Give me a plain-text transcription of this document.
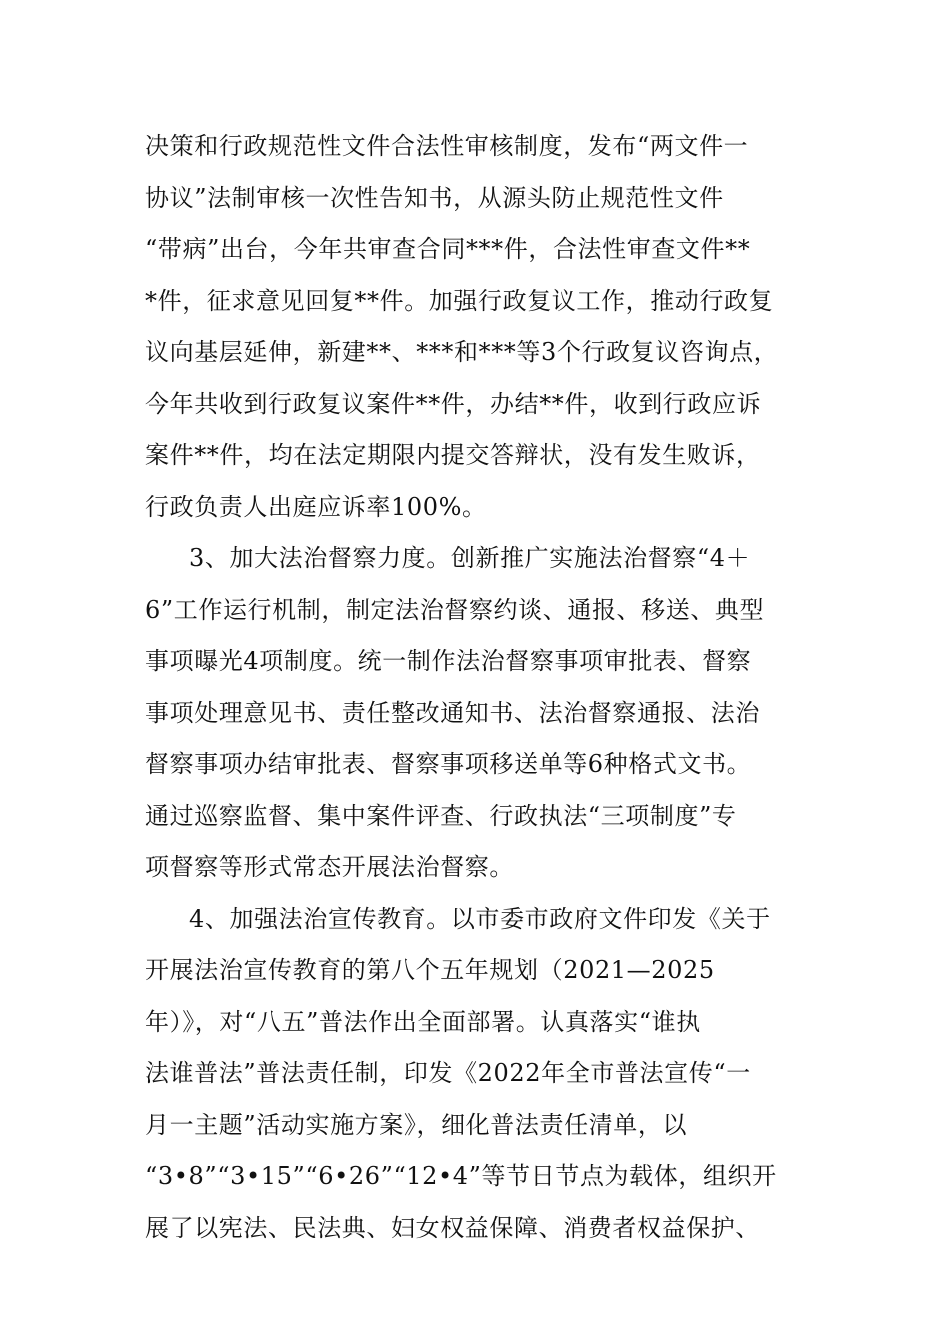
决策和行政规范性文件合法性审核制度，发布“两文件一
协议”法制审核一次性告知书，从源头防止规范性文件
“带病”出台，今年共审查合同***件，合法性审查文件**
*件，征求意见回复**件。加强行政复议工作，推动行政复
议向基层延伸，新建**、***和***等3个行政复议咨询点，
今年共收到行政复议案件**件，办结**件，收到行政应诉
案件**件，均在法定期限内提交答辩状，没有发生败诉，
行政负责人出庭应诉率100%。
3、加大法治督察力度。创新推广实施法治督察“4＋
6”工作运行机制，制定法治督察约谈、通报、移送、典型
事项曝光4项制度。统一制作法治督察事项审批表、督察
事项处理意见书、责任整改通知书、法治督察通报、法治
督察事项办结审批表、督察事项移送单等6种格式文书。
通过巡察监督、集中案件评查、行政执法“三项制度”专
项督察等形式常态开展法治督察。
4、加强法治宣传教育。以市委市政府文件印发《关于
开展法治宣传教育的第八个五年规划（2021—2025
年）》，对“八五”普法作出全面部署。认真落实“谁执
法谁普法”普法责任制，印发《2022年全市普法宣传“一
月一主题”活动实施方案》，细化普法责任清单，以
“3•8”“3•15”“6•26”“12•4”等节日节点为载体，组织开
展了以宪法、民法典、妇女权益保障、消费者权益保护、
